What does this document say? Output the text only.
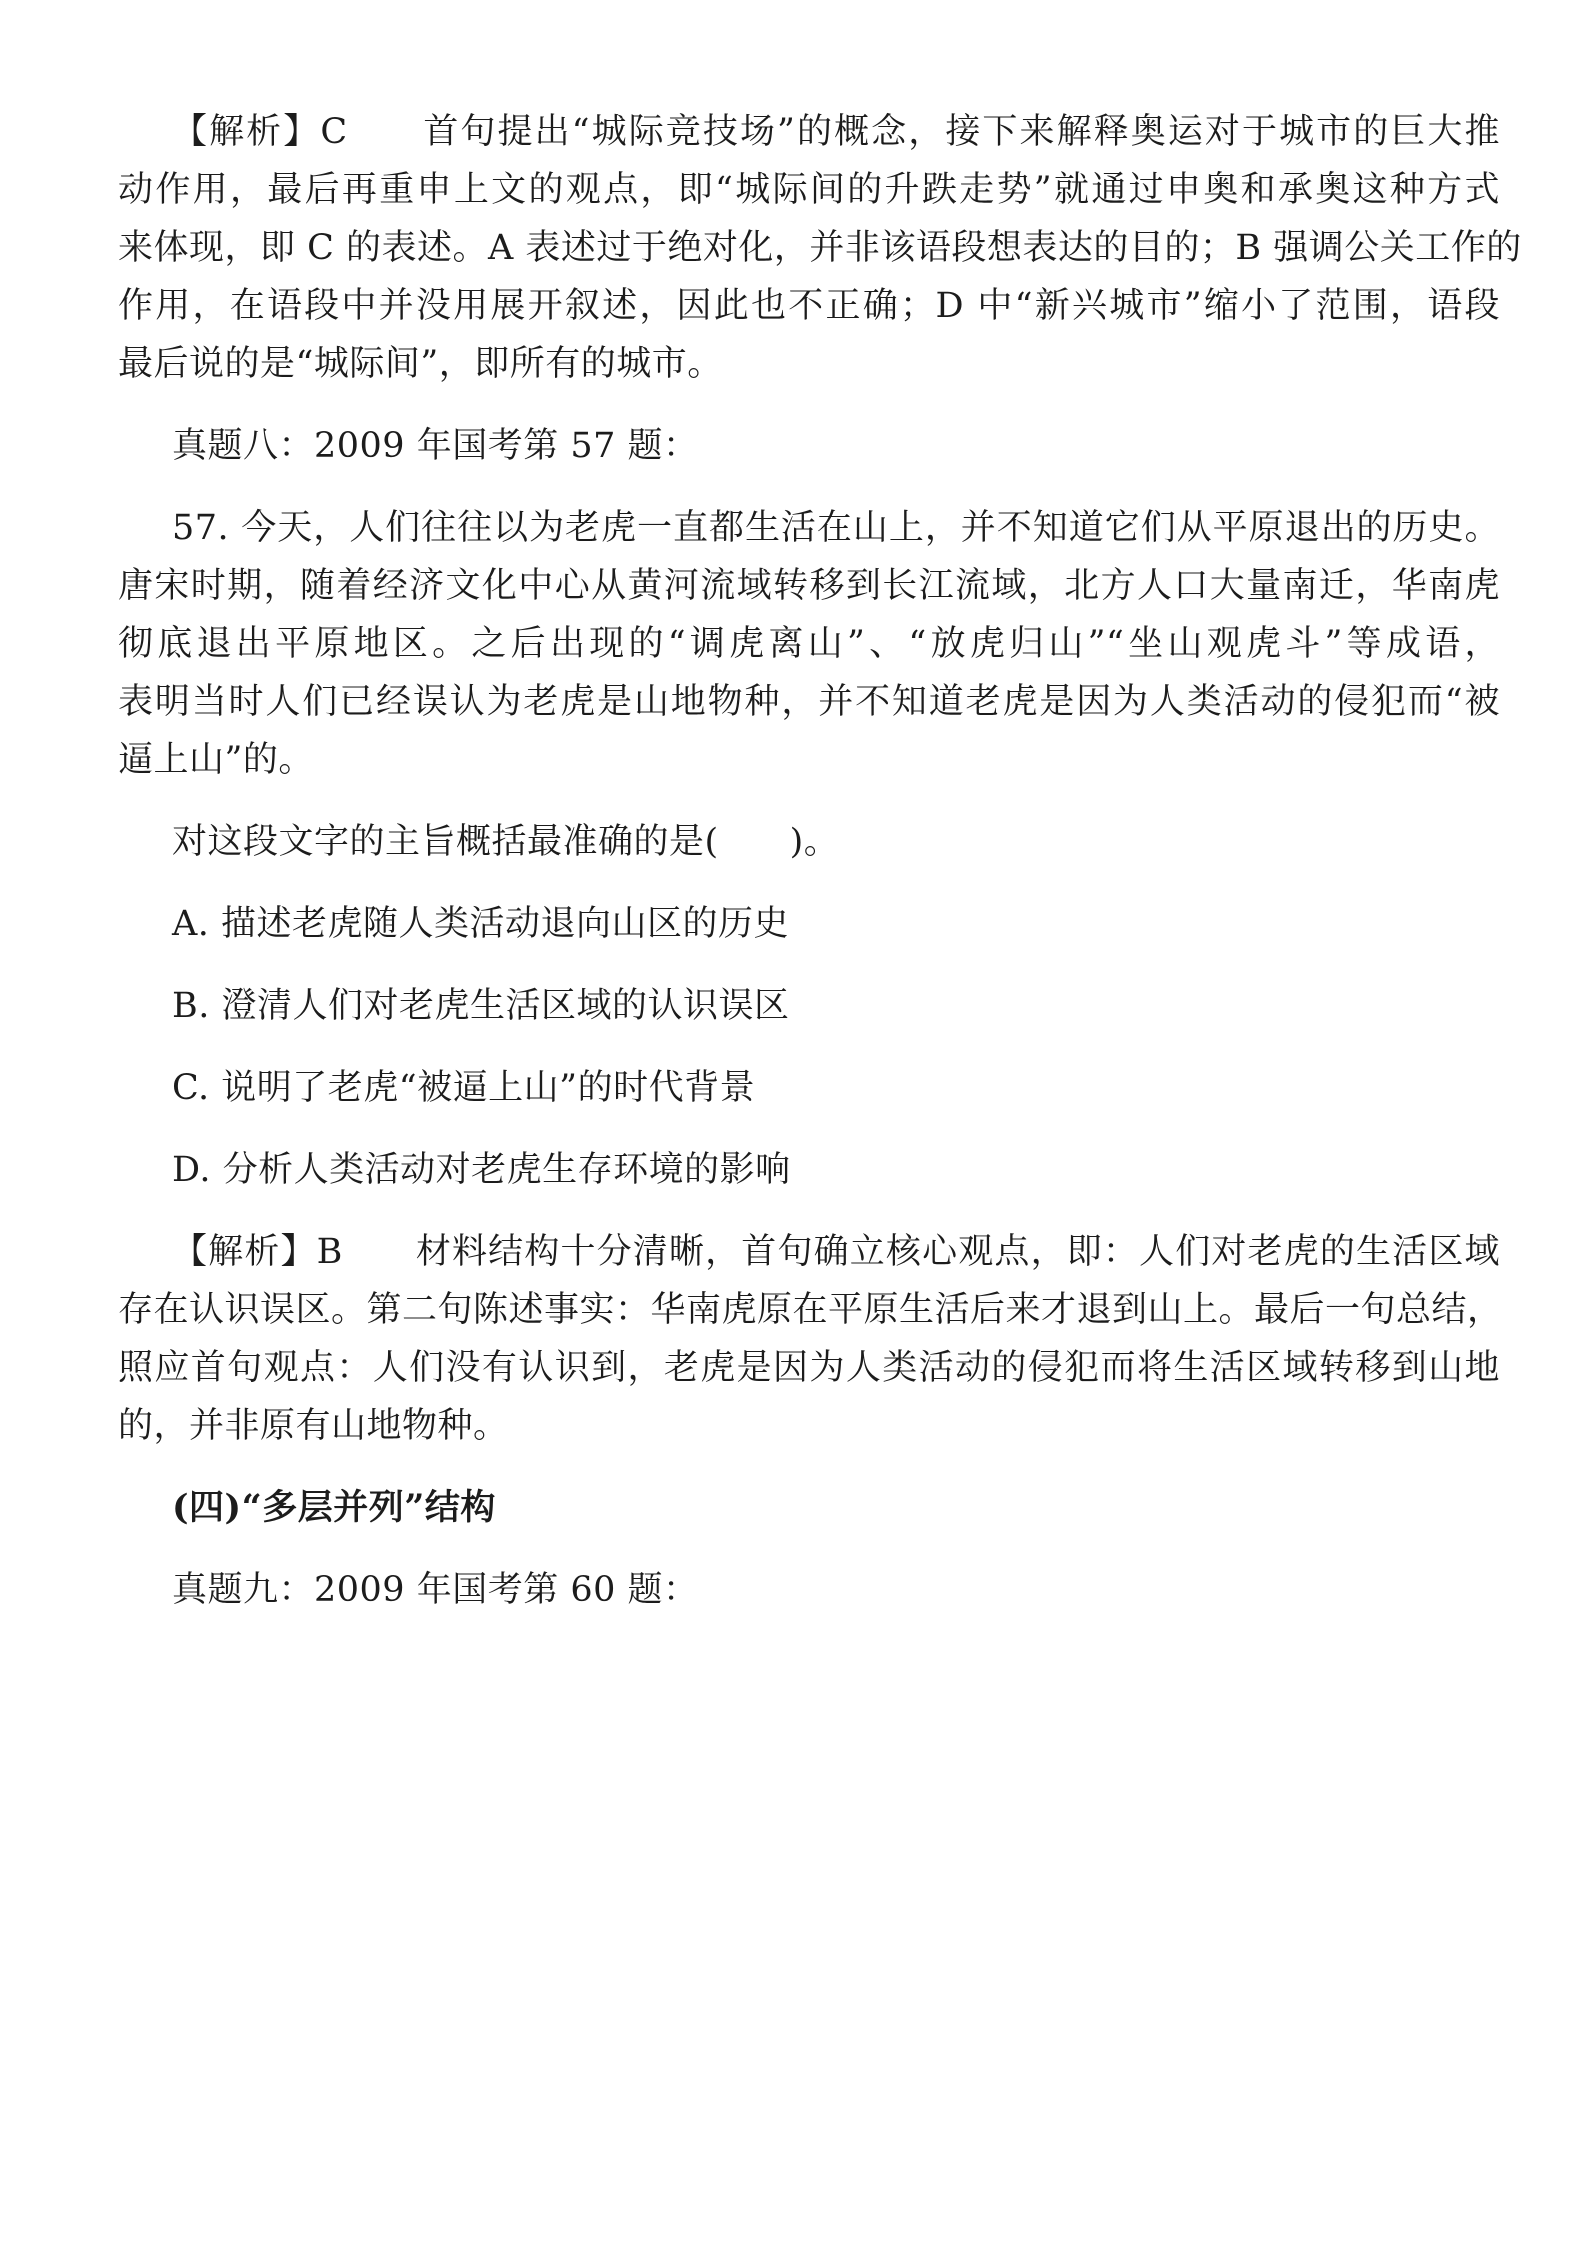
【解析】C　　首句提出“城际竞技场”的概念，接下来解释奥运对于城市的巨大推
动作用，最后再重申上文的观点，即“城际间的升跌走势”就通过申奥和承奥这种方式
来体现，即 C 的表述。A 表述过于绝对化，并非该语段想表达的目的；B 强调公关工作的
作用，在语段中并没用展开叙述，因此也不正确；D 中“新兴城市”缩小了范围，语段
最后说的是“城际间”，即所有的城市。
真题八：2009 年国考第 57 题：
57. 今天，人们往往以为老虎一直都生活在山上，并不知道它们从平原退出的历史。
唐宋时期，随着经济文化中心从黄河流域转移到长江流域，北方人口大量南迁，华南虎
彻底退出平原地区。之后出现的“调虎离山”、“放虎归山”“坐山观虎斗”等成语，
表明当时人们已经误认为老虎是山地物种，并不知道老虎是因为人类活动的侵犯而“被
逼上山”的。
对这段文字的主旨概括最准确的是(　　)。
A. 描述老虎随人类活动退向山区的历史
B. 澄清人们对老虎生活区域的认识误区
C. 说明了老虎“被逼上山”的时代背景
D. 分析人类活动对老虎生存环境的影响
【解析】B　　材料结构十分清晰，首句确立核心观点，即：人们对老虎的生活区域
存在认识误区。第二句陈述事实：华南虎原在平原生活后来才退到山上。最后一句总结，
照应首句观点：人们没有认识到，老虎是因为人类活动的侵犯而将生活区域转移到山地
的，并非原有山地物种。
(四)“多层并列”结构
真题九：2009 年国考第 60 题：
